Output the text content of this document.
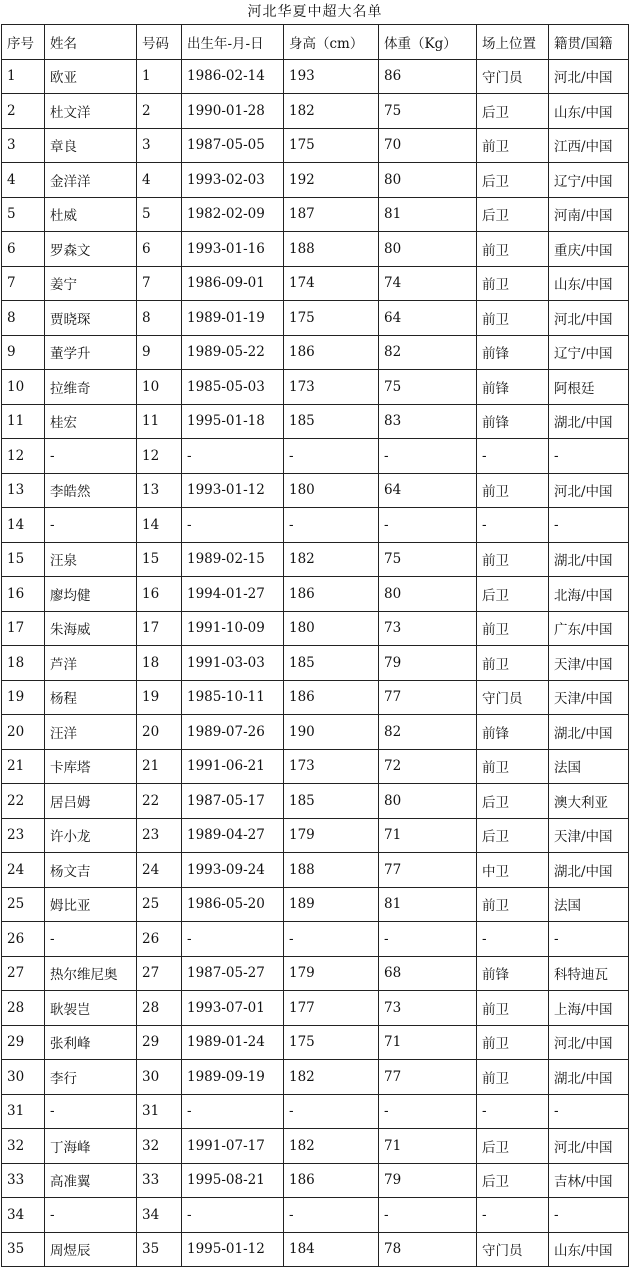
河北华夏中超大名单
序号	姓名	号码	出生年-月-日	身高（cm）	体重（Kg）	场上位置	籍贯/国籍
1	欧亚	1	1986-02-14	193	86	守门员	河北/中国
2	杜文洋	2	1990-01-28	182	75	后卫	山东/中国
3	章良	3	1987-05-05	175	70	前卫	江西/中国
4	金洋洋	4	1993-02-03	192	80	后卫	辽宁/中国
5	杜威	5	1982-02-09	187	81	后卫	河南/中国
6	罗森文	6	1993-01-16	188	80	前卫	重庆/中国
7	姜宁	7	1986-09-01	174	74	前卫	山东/中国
8	贾晓琛	8	1989-01-19	175	64	前卫	河北/中国
9	董学升	9	1989-05-22	186	82	前锋	辽宁/中国
10	拉维奇	10	1985-05-03	173	75	前锋	阿根廷
11	桂宏	11	1995-01-18	185	83	前锋	湖北/中国
12	-	12	-	-	-	-	-
13	李皓然	13	1993-01-12	180	64	前卫	河北/中国
14	-	14	-	-	-	-	-
15	汪泉	15	1989-02-15	182	75	前卫	湖北/中国
16	廖均健	16	1994-01-27	186	80	后卫	北海/中国
17	朱海威	17	1991-10-09	180	73	前卫	广东/中国
18	芦洋	18	1991-03-03	185	79	前卫	天津/中国
19	杨程	19	1985-10-11	186	77	守门员	天津/中国
20	汪洋	20	1989-07-26	190	82	前锋	湖北/中国
21	卡库塔	21	1991-06-21	173	72	前卫	法国
22	居吕姆	22	1987-05-17	185	80	后卫	澳大利亚
23	许小龙	23	1989-04-27	179	71	后卫	天津/中国
24	杨文吉	24	1993-09-24	188	77	中卫	湖北/中国
25	姆比亚	25	1986-05-20	189	81	前卫	法国
26	-	26	-	-	-	-	-
27	热尔维尼奥	27	1987-05-27	179	68	前锋	科特迪瓦
28	耿袈岂	28	1993-07-01	177	73	前卫	上海/中国
29	张利峰	29	1989-01-24	175	71	前卫	河北/中国
30	李行	30	1989-09-19	182	77	前卫	湖北/中国
31	-	31	-	-	-	-	-
32	丁海峰	32	1991-07-17	182	71	后卫	河北/中国
33	高准翼	33	1995-08-21	186	79	后卫	吉林/中国
34	-	34	-	-	-	-	-
35	周煜辰	35	1995-01-12	184	78	守门员	山东/中国
